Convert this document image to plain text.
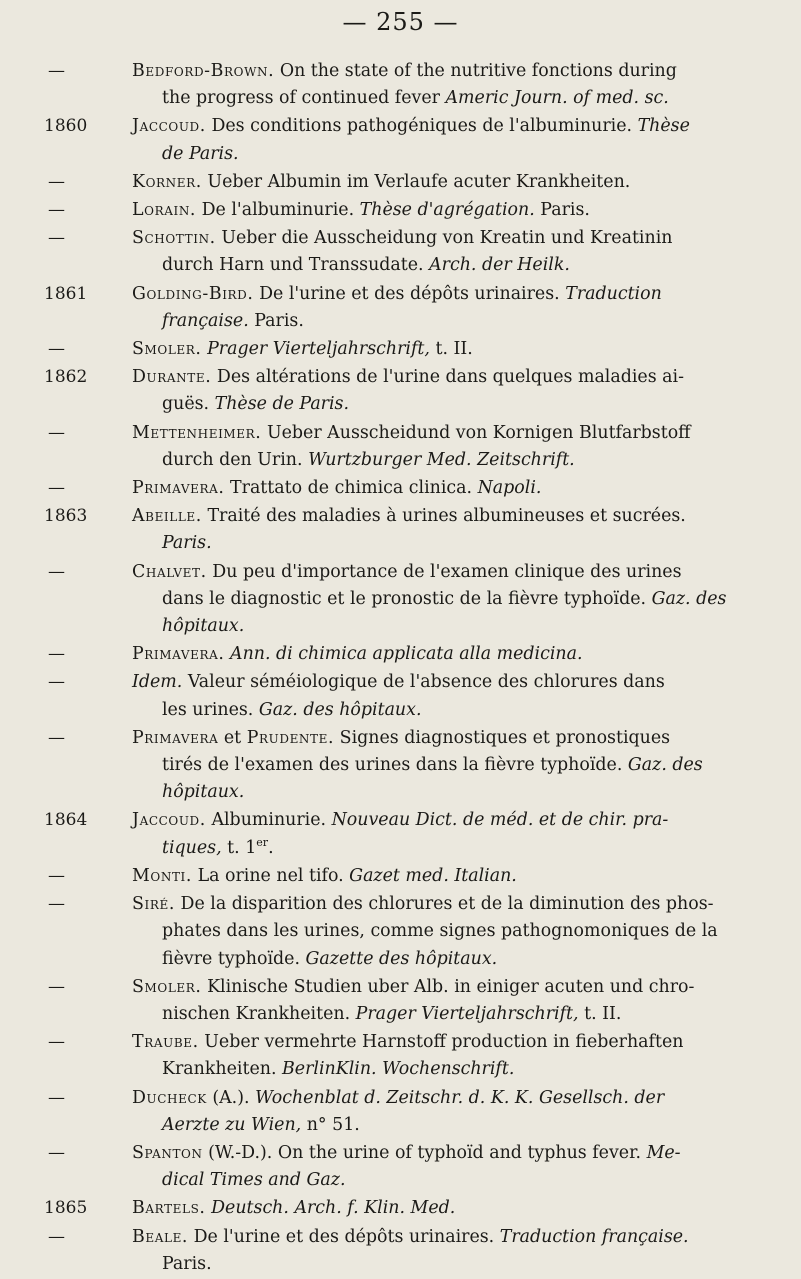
— 255 —
—	Bedford-Brown. On the state of the nutritive fonctions during
the progress of continued fever Americ Journ. of med. sc.
1860	Jaccoud. Des conditions pathogéniques de l'albuminurie. Thèse
de Paris.
—	Korner. Ueber Albumin im Verlaufe acuter Krankheiten.
—	Lorain. De l'albuminurie. Thèse d'agrégation. Paris.
—	Schottin. Ueber die Ausscheidung von Kreatin und Kreatinin
durch Harn und Transsudate. Arch. der Heilk.
1861	Golding-Bird. De l'urine et des dépôts urinaires. Traduction
française. Paris.
—	Smoler. Prager Vierteljahrschrift, t. II.
1862	Durante. Des altérations de l'urine dans quelques maladies ai-
guës. Thèse de Paris.
—	Mettenheimer. Ueber Ausscheidund von Kornigen Blutfarbstoff
durch den Urin. Wurtzburger Med. Zeitschrift.
—	Primavera. Trattato de chimica clinica. Napoli.
1863	Abeille. Traité des maladies à urines albumineuses et sucrées.
Paris.
—	Chalvet. Du peu d'importance de l'examen clinique des urines
dans le diagnostic et le pronostic de la fièvre typhoïde. Gaz. des
hôpitaux.
—	Primavera. Ann. di chimica applicata alla medicina.
—	Idem. Valeur séméiologique de l'absence des chlorures dans
les urines. Gaz. des hôpitaux.
—	Primavera et Prudente. Signes diagnostiques et pronostiques
tirés de l'examen des urines dans la fièvre typhoïde. Gaz. des
hôpitaux.
1864	Jaccoud. Albuminurie. Nouveau Dict. de méd. et de chir. pra-
tiques, t. 1er.
—	Monti. La orine nel tifo. Gazet med. Italian.
—	Siré. De la disparition des chlorures et de la diminution des phos-
phates dans les urines, comme signes pathognomoniques de la
fièvre typhoïde. Gazette des hôpitaux.
—	Smoler. Klinische Studien uber Alb. in einiger acuten und chro-
nischen Krankheiten. Prager Vierteljahrschrift, t. II.
—	Traube. Ueber vermehrte Harnstoff production in fieberhaften
Krankheiten. BerlinKlin. Wochenschrift.
—	Ducheck (A.). Wochenblat d. Zeitschr. d. K. K. Gesellsch. der
Aerzte zu Wien, n° 51.
—	Spanton (W.-D.). On the urine of typhoïd and typhus fever. Me-
dical Times and Gaz.
1865	Bartels. Deutsch. Arch. f. Klin. Med.
—	Beale. De l'urine et des dépôts urinaires. Traduction française.
Paris.
